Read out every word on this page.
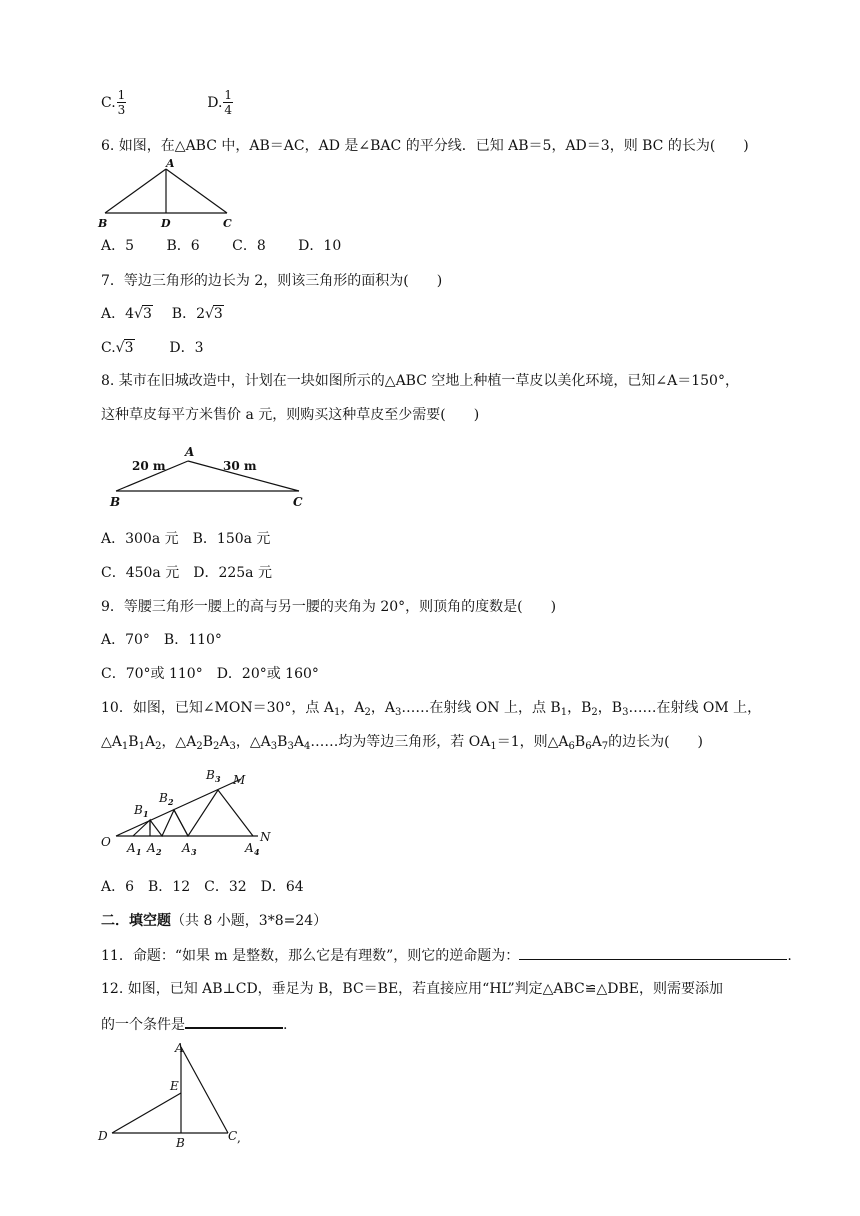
C. $\frac{1}{3}$	D. $\frac{1}{4}$
6. 如图，在△ABC 中，AB＝AC，AD 是∠BAC 的平分线．已知 AB＝5，AD＝3，则 BC 的长为(　　)
A
B	D	C
A．5　　 B．6　　 C．8　　 D．10
7．等边三角形的边长为 2，则该三角形的面积为(　　)
A．4√3 B．2√3
C.√3	D．3
8. 某市在旧城改造中，计划在一块如图所示的△ABC 空地上种植一草皮以美化环境，已知∠A＝150°，
这种草皮每平方米售价 a 元，则购买这种草皮至少需要(　　)
A
B	C
20 m	30 m
A．300a 元　B．150a 元
C．450a 元　D．225a 元
9．等腰三角形一腰上的高与另一腰的夹角为 20°，则顶角的度数是(　　)
A．70°　B．110°
C．70°或 110°　D．20°或 160°
10．如图，已知∠MON＝30°，点 $A_1$，$A_2$，$A_3\dots\dots$在射线 ON 上，点 $B_1$，$B_2$，$B_3\dots\dots$在射线 OM 上，
$\triangle A_1B_1A_2$，$\triangle A_2B_2A_3$，$\triangle A_3B_3A_4\dots\dots$均为等边三角形，若 $OA_1=1$，则$\triangle A_6B_6A_7$的边长为(　　)
O	N
M
B 1
B 2
B 3
A 1 A 2 A 3	A 4
A．6　B．12　C．32　D．64
二．填空题（共 8 小题，3*8=24）
11．命题：“如果 m 是整数，那么它是有理数”，则它的逆命题为：	.
12. 如图，已知 AB⊥CD，垂足为 B，BC＝BE，若直接应用“HL”判定△ABC≌△DBE，则需要添加
的一个条件是	.
A
E
D	B	C ,
